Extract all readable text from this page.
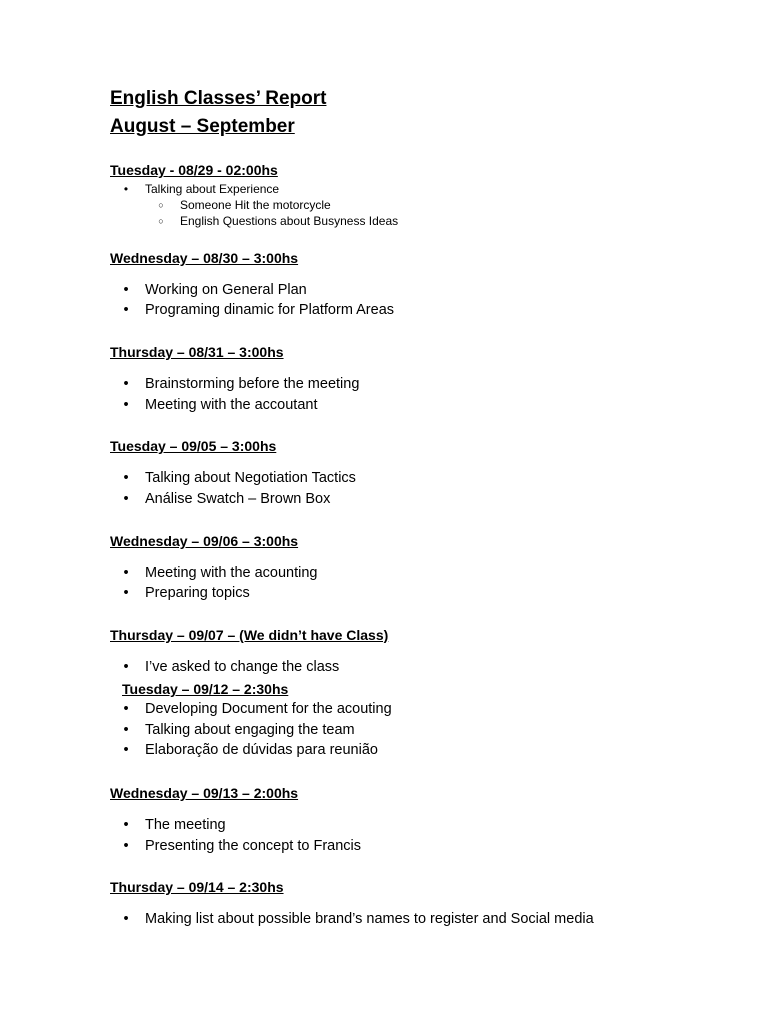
English Classes’ Report
August – September
Tuesday - 08/29 - 02:00hs
• Talking about Experience
○ Someone Hit the motorcycle
○ English Questions about Busyness Ideas
Wednesday – 08/30 – 3:00hs
• Working on General Plan
• Programing dinamic for Platform Areas
Thursday – 08/31 – 3:00hs
• Brainstorming before the meeting
• Meeting with the accoutant
Tuesday – 09/05 – 3:00hs
• Talking about Negotiation Tactics
• Análise Swatch – Brown Box
Wednesday – 09/06 – 3:00hs
• Meeting with the acounting
• Preparing topics
Thursday – 09/07 – (We didn’t have Class)
• I’ve asked to change the class
Tuesday – 09/12 – 2:30hs
• Developing Document for the acouting
• Talking about engaging the team
• Elaboração de dúvidas para reunião
Wednesday – 09/13 – 2:00hs
• The meeting
• Presenting the concept to Francis
Thursday – 09/14 – 2:30hs
• Making list about possible brand’s names to register and Social media
